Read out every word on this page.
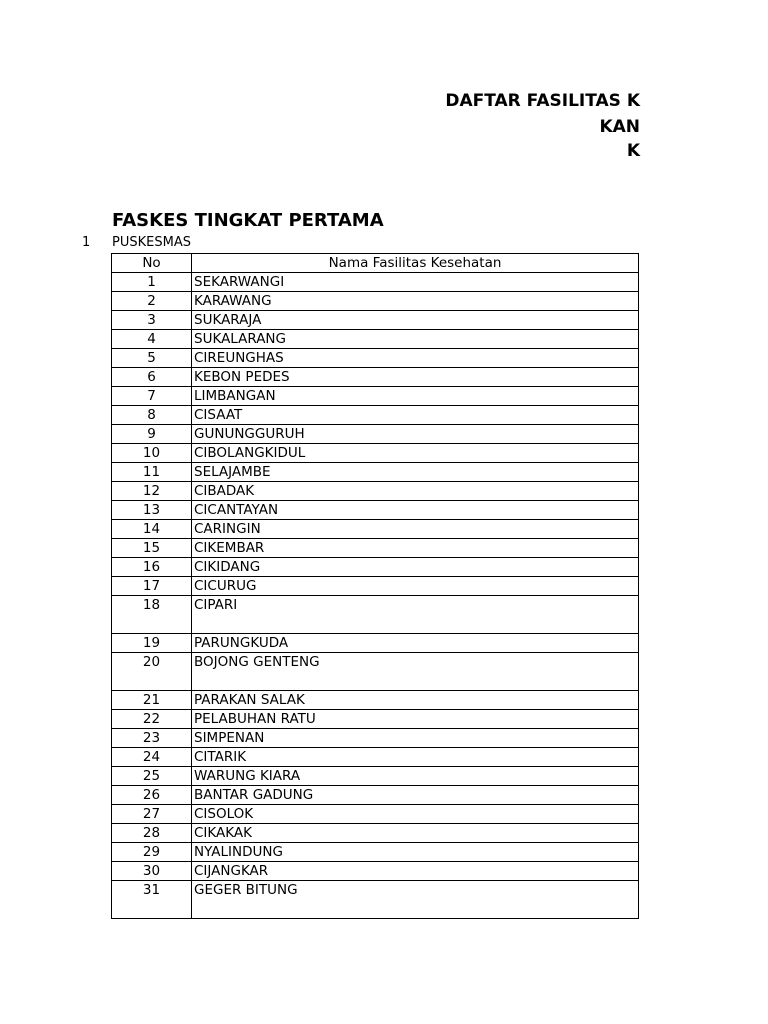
DAFTAR FASILITAS K
KAN
K
FASKES TINGKAT PERTAMA
1 PUSKESMAS
No	Nama Fasilitas Kesehatan
1	SEKARWANGI
2	KARAWANG
3	SUKARAJA
4	SUKALARANG
5	CIREUNGHAS
6	KEBON PEDES
7	LIMBANGAN
8	CISAAT
9	GUNUNGGURUH
10	CIBOLANGKIDUL
11	SELAJAMBE
12	CIBADAK
13	CICANTAYAN
14	CARINGIN
15	CIKEMBAR
16	CIKIDANG
17	CICURUG
18	CIPARI
19	PARUNGKUDA
20	BOJONG GENTENG
21	PARAKAN SALAK
22	PELABUHAN RATU
23	SIMPENAN
24	CITARIK
25	WARUNG KIARA
26	BANTAR GADUNG
27	CISOLOK
28	CIKAKAK
29	NYALINDUNG
30	CIJANGKAR
31	GEGER BITUNG
